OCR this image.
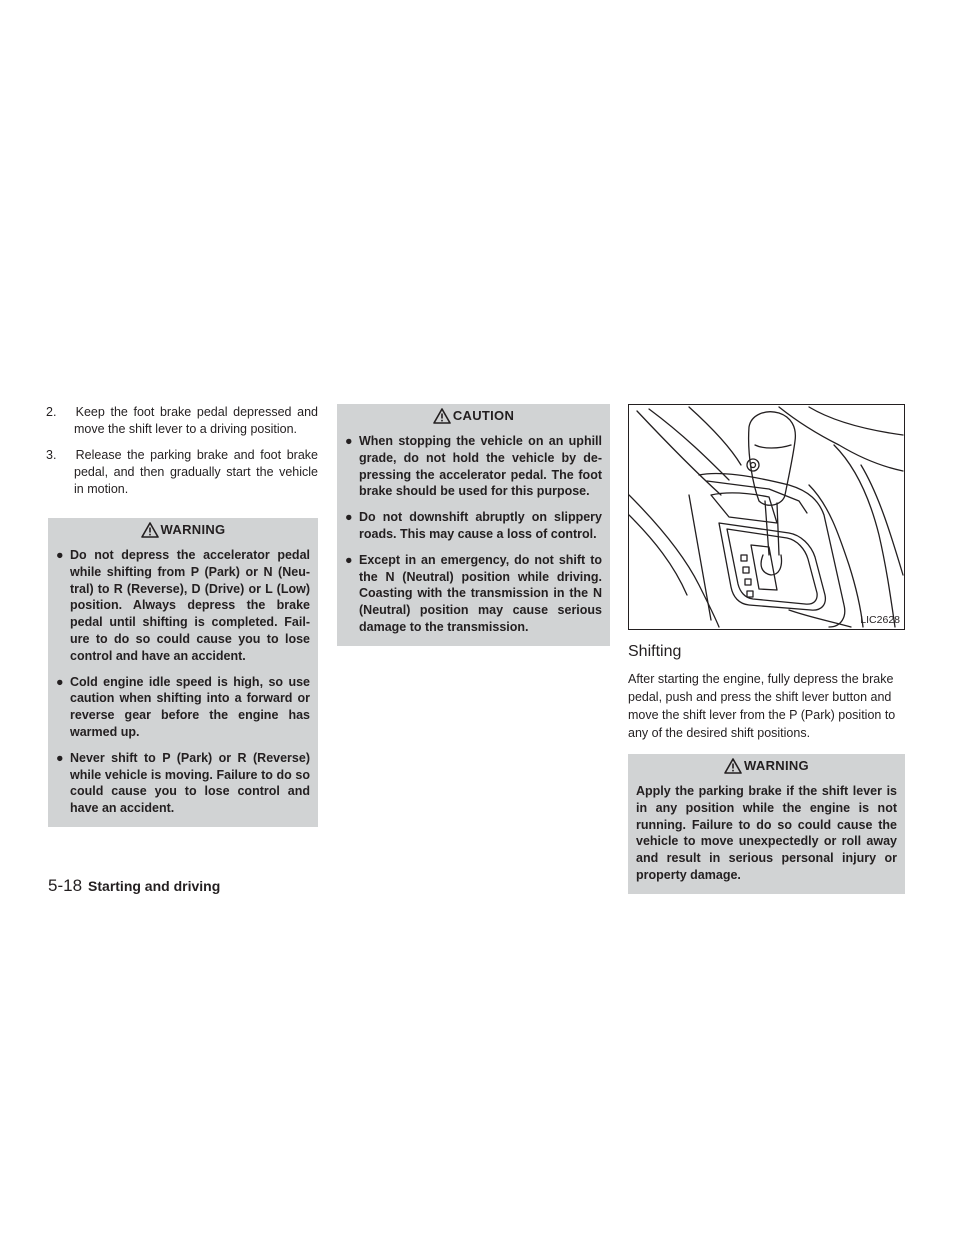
2. Keep the foot brake pedal depressed and move the shift lever to a driving position.
3. Release the parking brake and foot brake pedal, and then gradually start the vehicle in motion.
WARNING
● Do not depress the accelerator pedal while shifting from P (Park) or N (Neu-tral) to R (Reverse), D (Drive) or L (Low) position. Always depress the brake pedal until shifting is completed. Fail-ure to do so could cause you to lose control and have an accident.
● Cold engine idle speed is high, so use caution when shifting into a forward or reverse gear before the engine has warmed up.
● Never shift to P (Park) or R (Reverse) while vehicle is moving. Failure to do so could cause you to lose control and have an accident.
CAUTION
● When stopping the vehicle on an uphill grade, do not hold the vehicle by de-pressing the accelerator pedal. The foot brake should be used for this purpose.
● Do not downshift abruptly on slippery roads. This may cause a loss of control.
● Except in an emergency, do not shift to the N (Neutral) position while driving. Coasting with the transmission in the N (Neutral) position may cause serious damage to the transmission.	LIC2628
Shifting

After starting the engine, fully depress the brake pedal, push and press the shift lever button and move the shift lever from the P (Park) position to any of the desired shift positions.

WARNING

Apply the parking brake if the shift lever is in any position while the engine is not running. Failure to do so could cause the vehicle to move unexpectedly or roll away and result in serious personal injury or property damage.

5-18 Starting and driving
